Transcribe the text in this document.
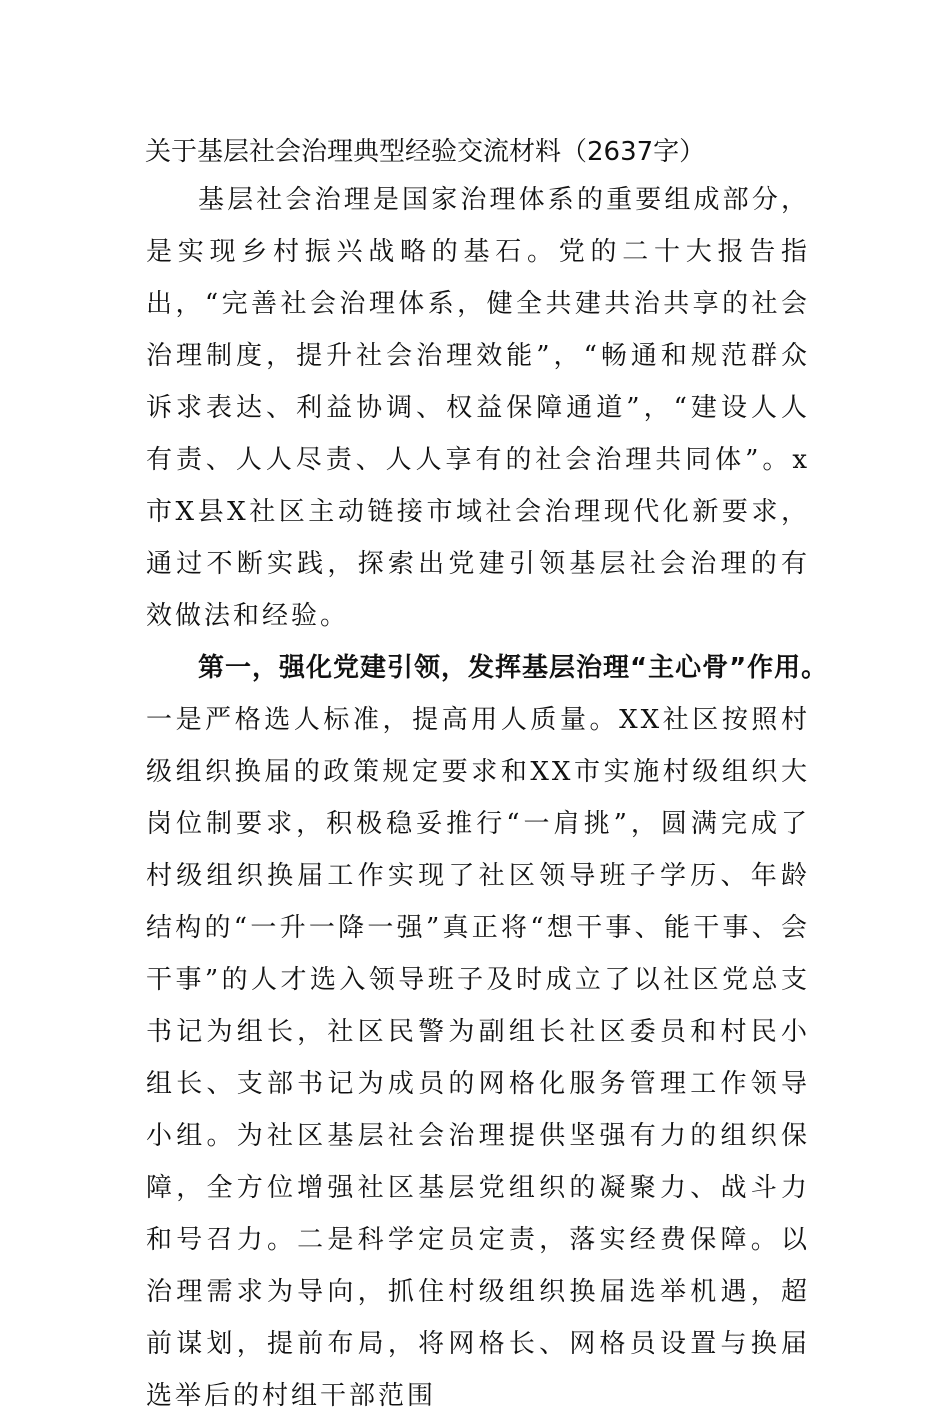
关于基层社会治理典型经验交流材料（2637字）

基层社会治理是国家治理体系的重要组成部分，是实现乡村振兴战略的基石。党的二十大报告指出，“完善社会治理体系，健全共建共治共享的社会治理制度，提升社会治理效能”，“畅通和规范群众诉求表达、利益协调、权益保障通道”，“建设人人有责、人人尽责、人人享有的社会治理共同体”。x市X县X社区主动链接市域社会治理现代化新要求，通过不断实践，探索出党建引领基层社会治理的有效做法和经验。

第一，强化党建引领，发挥基层治理“主心骨”作用。

一是严格选人标准，提高用人质量。XX社区按照村级组织换届的政策规定要求和XX市实施村级组织大岗位制要求，积极稳妥推行“一肩挑”，圆满完成了村级组织换届工作实现了社区领导班子学历、年龄结构的“一升一降一强”真正将“想干事、能干事、会干事”的人才选入领导班子及时成立了以社区党总支书记为组长，社区民警为副组长社区委员和村民小组长、支部书记为成员的网格化服务管理工作领导小组。为社区基层社会治理提供坚强有力的组织保障，全方位增强社区基层党组织的凝聚力、战斗力和号召力。二是科学定员定责，落实经费保障。以治理需求为导向，抓住村级组织换届选举机遇，超前谋划，提前布局，将网格长、网格员设置与换届选举后的村组干部范围
